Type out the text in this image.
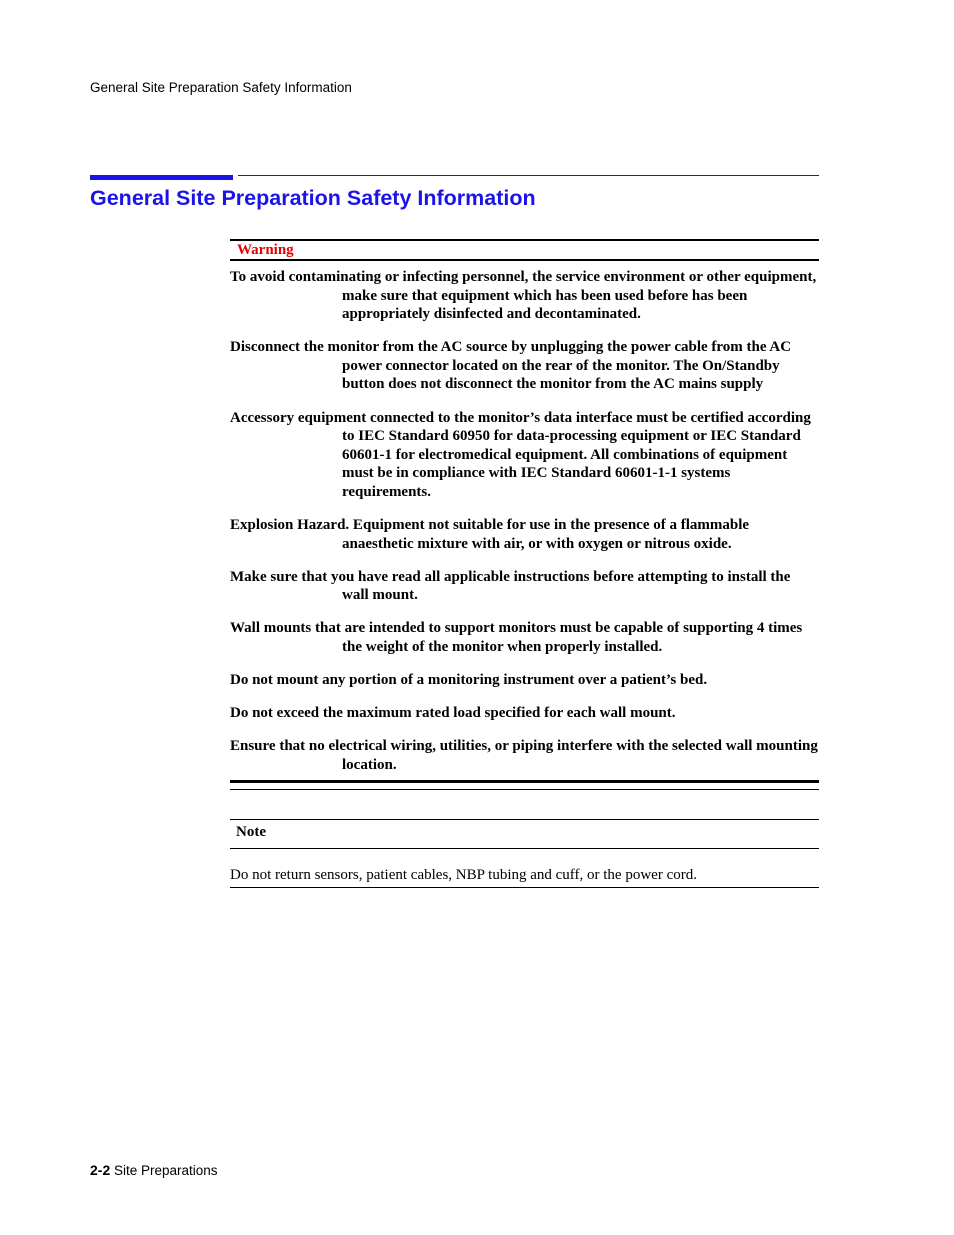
General Site Preparation Safety Information
General Site Preparation Safety Information
Warning
To avoid contaminating or infecting personnel, the service environment or other equipment, make sure that equipment which has been used before has been appropriately disinfected and decontaminated.
Disconnect the monitor from the AC source by unplugging the power cable from the AC power connector located on the rear of the monitor. The On/Standby button does not disconnect the monitor from the AC mains supply
Accessory equipment connected to the monitor’s data interface must be certified according to IEC Standard 60950 for data-processing equipment or IEC Standard 60601-1 for electromedical equipment. All combinations of equipment must be in compliance with IEC Standard 60601-1-1 systems requirements.
Explosion Hazard. Equipment not suitable for use in the presence of a flammable anaesthetic mixture with air, or with oxygen or nitrous oxide.
Make sure that you have read all applicable instructions before attempting to install the wall mount.
Wall mounts that are intended to support monitors must be capable of supporting 4 times the weight of the monitor when properly installed.
Do not mount any portion of a monitoring instrument over a patient’s bed.
Do not exceed the maximum rated load specified for each wall mount.
Ensure that no electrical wiring, utilities, or piping interfere with the selected wall mounting location.
Note
Do not return sensors, patient cables, NBP tubing and cuff, or the power cord.
2-2 Site Preparations
